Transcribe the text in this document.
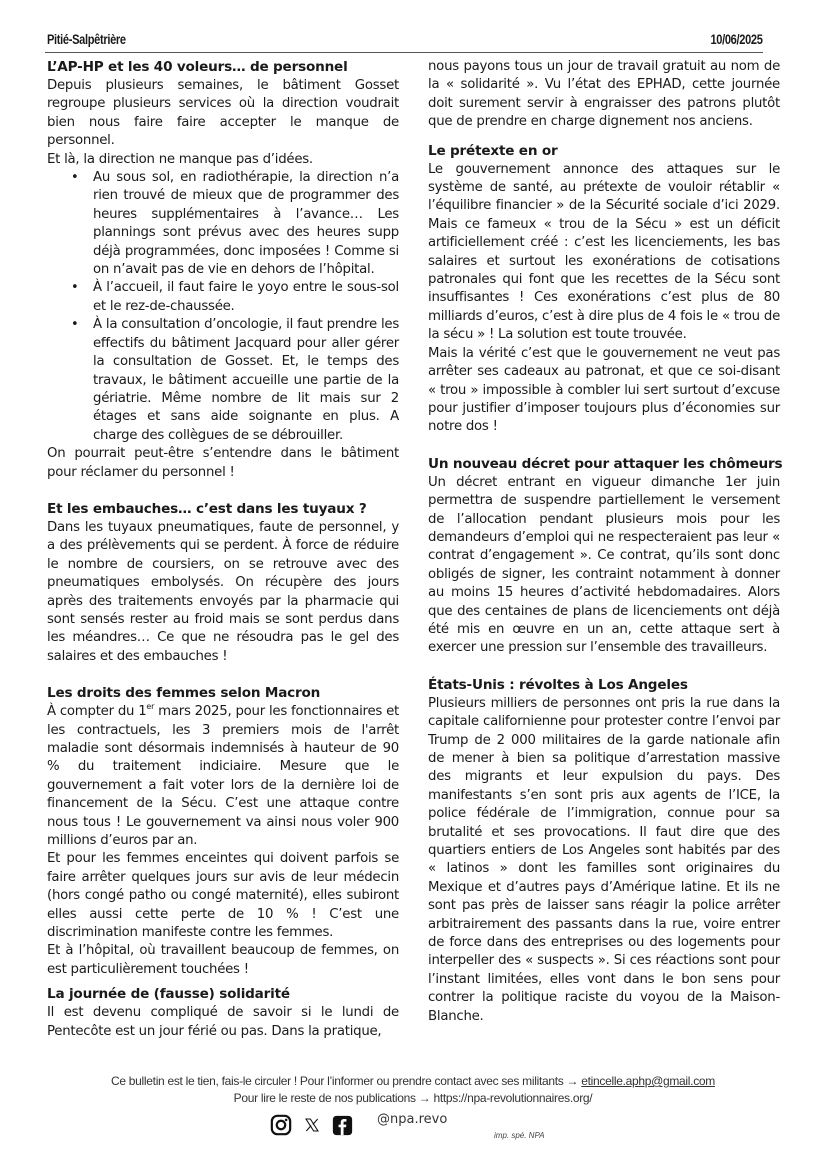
Pitié-Salpêtrière	10/06/2025
L’AP-HP et les 40 voleurs… de personnel

Depuis plusieurs semaines, le bâtiment Gosset regroupe plusieurs services où la direction voudrait bien nous faire faire accepter le manque de personnel.

Et là, la direction ne manque pas d’idées.

• Au sous sol, en radiothérapie, la direction n’a rien trouvé de mieux que de programmer des heures supplémentaires à l’avance… Les plannings sont prévus avec des heures supp déjà programmées, donc imposées ! Comme si on n’avait pas de vie en dehors de l’hôpital.
• À l’accueil, il faut faire le yoyo entre le sous-sol et le rez-de-chaussée.
• À la consultation d’oncologie, il faut prendre les effectifs du bâtiment Jacquard pour aller gérer la consultation de Gosset. Et, le temps des travaux, le bâtiment accueille une partie de la gériatrie. Même nombre de lit mais sur 2 étages et sans aide soignante en plus. A charge des collègues de se débrouiller.

On pourrait peut-être s’entendre dans le bâtiment pour réclamer du personnel !

Et les embauches… c’est dans les tuyaux ?

Dans les tuyaux pneumatiques, faute de personnel, y a des prélèvements qui se perdent. À force de réduire le nombre de coursiers, on se retrouve avec des pneumatiques embolysés. On récupère des jours après des traitements envoyés par la pharmacie qui sont sensés rester au froid mais se sont perdus dans les méandres… Ce que ne résoudra pas le gel des salaires et des embauches !

Les droits des femmes selon Macron

À compter du 1er mars 2025, pour les fonctionnaires et les contractuels, les 3 premiers mois de l'arrêt maladie sont désormais indemnisés à hauteur de 90 % du traitement indiciaire. Mesure que le gouvernement a fait voter lors de la dernière loi de financement de la Sécu. C’est une attaque contre nous tous ! Le gouvernement va ainsi nous voler 900 millions d’euros par an.

Et pour les femmes enceintes qui doivent parfois se faire arrêter quelques jours sur avis de leur médecin (hors congé patho ou congé maternité), elles subiront elles aussi cette perte de 10 % ! C’est une discrimination manifeste contre les femmes.

Et à l’hôpital, où travaillent beaucoup de femmes, on est particulièrement touchées !

La journée de (fausse) solidarité

Il est devenu compliqué de savoir si le lundi de Pentecôte est un jour férié ou pas. Dans la pratique,

nous payons tous un jour de travail gratuit au nom de la « solidarité ». Vu l’état des EPHAD, cette journée doit surement servir à engraisser des patrons plutôt que de prendre en charge dignement nos anciens.

Le prétexte en or

Le gouvernement annonce des attaques sur le système de santé, au prétexte de vouloir rétablir « l’équilibre financier » de la Sécurité sociale d’ici 2029. Mais ce fameux « trou de la Sécu » est un déficit artificiellement créé : c’est les licenciements, les bas salaires et surtout les exonérations de cotisations patronales qui font que les recettes de la Sécu sont insuffisantes ! Ces exonérations c’est plus de 80 milliards d’euros, c’est à dire plus de 4 fois le « trou de la sécu » ! La solution est toute trouvée.

Mais la vérité c’est que le gouvernement ne veut pas arrêter ses cadeaux au patronat, et que ce soi-disant « trou » impossible à combler lui sert surtout d’excuse pour justifier d’imposer toujours plus d’économies sur notre dos !

Un nouveau décret pour attaquer les chômeurs

Un décret entrant en vigueur dimanche 1er juin permettra de suspendre partiellement le versement de l’allocation pendant plusieurs mois pour les demandeurs d’emploi qui ne respecteraient pas leur « contrat d’engagement ». Ce contrat, qu’ils sont donc obligés de signer, les contraint notamment à donner au moins 15 heures d’activité hebdomadaires. Alors que des centaines de plans de licenciements ont déjà été mis en œuvre en un an, cette attaque sert à exercer une pression sur l’ensemble des travailleurs.

États-Unis : révoltes à Los Angeles

Plusieurs milliers de personnes ont pris la rue dans la capitale californienne pour protester contre l’envoi par Trump de 2 000 militaires de la garde nationale afin de mener à bien sa politique d’arrestation massive des migrants et leur expulsion du pays. Des manifestants s’en sont pris aux agents de l’ICE, la police fédérale de l’immigration, connue pour sa brutalité et ses provocations. Il faut dire que des quartiers entiers de Los Angeles sont habités par des « latinos » dont les familles sont originaires du Mexique et d’autres pays d’Amérique latine. Et ils ne sont pas près de laisser sans réagir la police arrêter arbitrairement des passants dans la rue, voire entrer de force dans des entreprises ou des logements pour interpeller des « suspects ». Si ces réactions sont pour l’instant limitées, elles vont dans le bon sens pour contrer la politique raciste du voyou de la Maison-Blanche.

Ce bulletin est le tien, fais-le circuler ! Pour l’informer ou prendre contact avec ses militants → etincelle.aphp@gmail.com
Pour lire le reste de nos publications → https://npa-revolutionnaires.org/
@npa.revo
imp. spé. NPA
